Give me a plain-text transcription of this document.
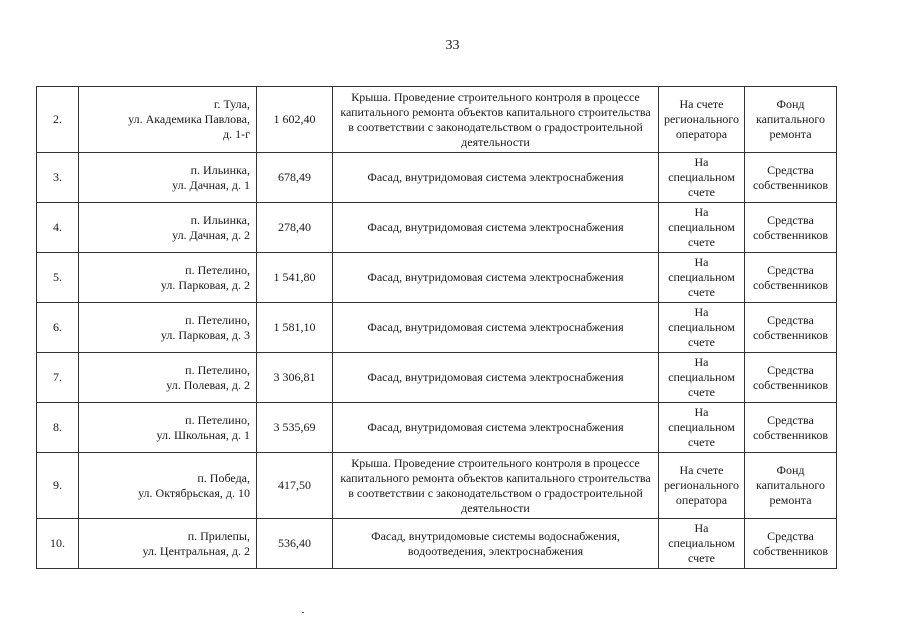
33
2.	г. Тула,
ул. Академика Павлова,
д. 1-г	1 602,40	Крыша. Проведение строительного контроля в процессе капитального ремонта объектов капитального строительства в соответствии с законодательством о градостроительной деятельности	На счете регионального оператора	Фонд капитального ремонта
3.	п. Ильинка,
ул. Дачная, д. 1	678,49	Фасад, внутридомовая система электроснабжения	На специальном счете	Средства собственников
4.	п. Ильинка,
ул. Дачная, д. 2	278,40	Фасад, внутридомовая система электроснабжения	На специальном счете	Средства собственников
5.	п. Петелино,
ул. Парковая, д. 2	1 541,80	Фасад, внутридомовая система электроснабжения	На специальном счете	Средства собственников
6.	п. Петелино,
ул. Парковая, д. 3	1 581,10	Фасад, внутридомовая система электроснабжения	На специальном счете	Средства собственников
7.	п. Петелино,
ул. Полевая, д. 2	3 306,81	Фасад, внутридомовая система электроснабжения	На специальном счете	Средства собственников
8.	п. Петелино,
ул. Школьная, д. 1	3 535,69	Фасад, внутридомовая система электроснабжения	На специальном счете	Средства собственников
9.	п. Победа,
ул. Октябрьская, д. 10	417,50	Крыша. Проведение строительного контроля в процессе капитального ремонта объектов капитального строительства в соответствии с законодательством о градостроительной деятельности	На счете регионального оператора	Фонд капитального ремонта
10.	п. Прилепы,
ул. Центральная, д. 2	536,40	Фасад, внутридомовые системы водоснабжения, водоотведения, электроснабжения	На специальном счете	Средства собственников
